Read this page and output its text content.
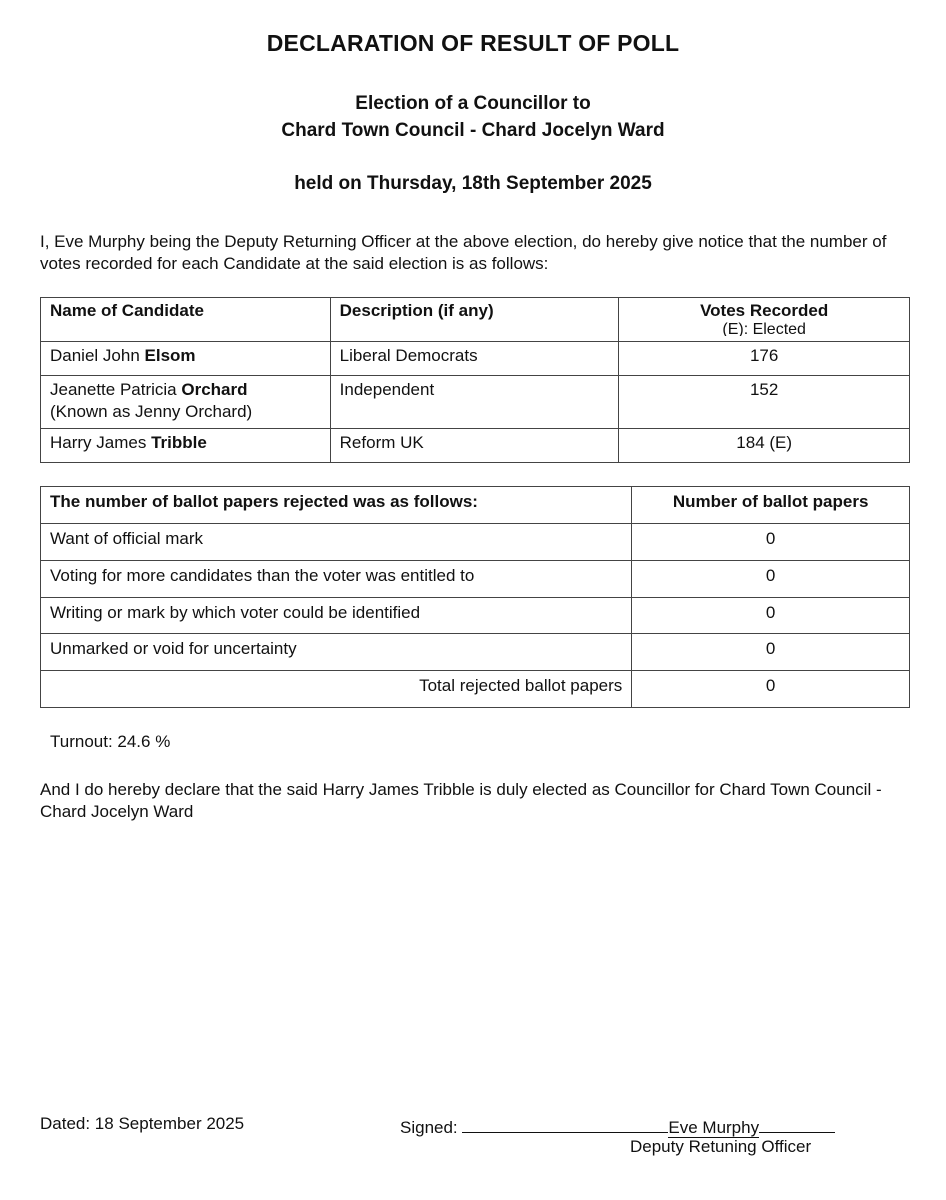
DECLARATION OF RESULT OF POLL
Election of a Councillor to
Chard Town Council - Chard Jocelyn Ward
held on Thursday, 18th September 2025
I, Eve Murphy being the Deputy Returning Officer at the above election, do hereby give notice that the number of votes recorded for each Candidate at the said election is as follows:
Name of Candidate	Description (if any)	Votes Recorded
(E): Elected

Daniel John Elsom	Liberal Democrats	176
Jeanette Patricia Orchard
(Known as Jenny Orchard)	Independent	152
Harry James Tribble	Reform UK	184 (E)
The number of ballot papers rejected was as follows:	Number of ballot papers
Want of official mark	0
Voting for more candidates than the voter was entitled to	0
Writing or mark by which voter could be identified	0
Unmarked or void for uncertainty	0
Total rejected ballot papers	0
Turnout: 24.6 %
And I do hereby declare that the said Harry James Tribble is duly elected as Councillor for Chard Town Council - Chard Jocelyn Ward
Dated: 18 September 2025	Signed:	Eve Murphy
Deputy Retuning Officer
